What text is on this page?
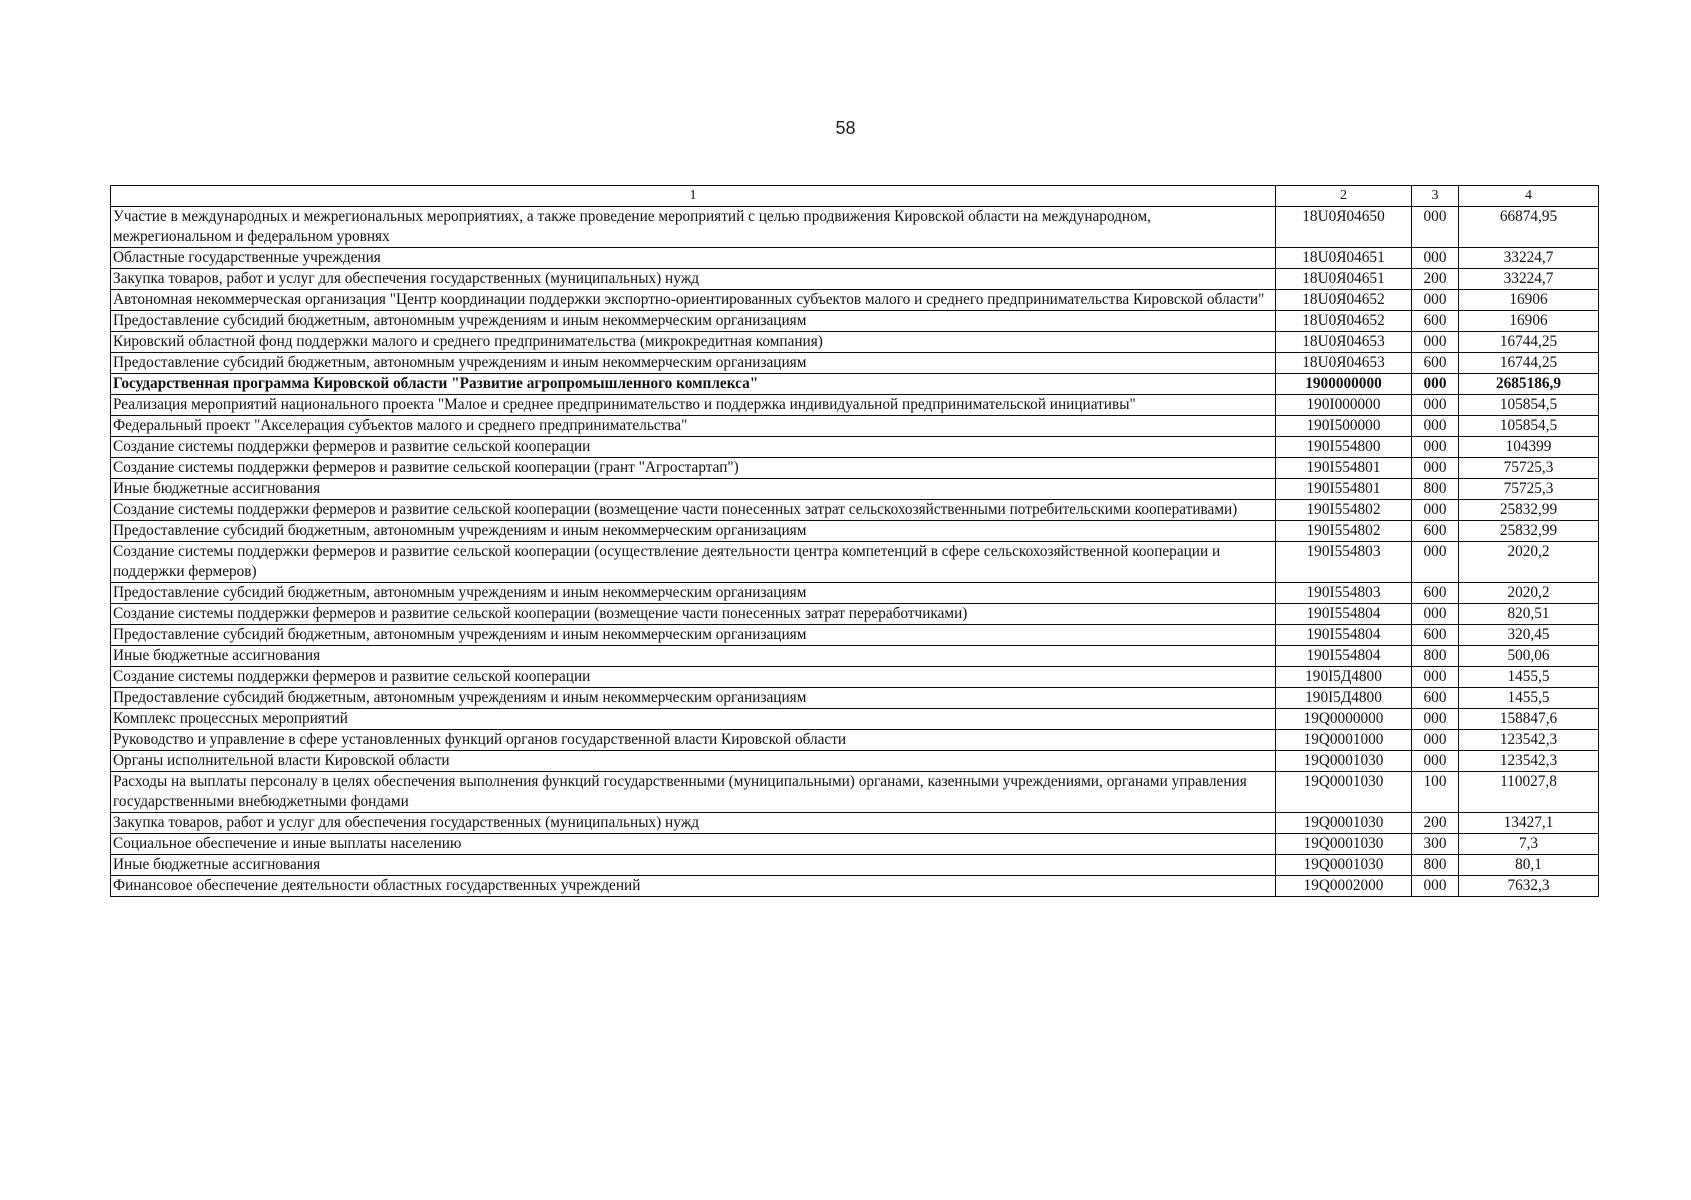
58
1	2	3	4
Участие в международных и межрегиональных мероприятиях, а также проведение мероприятий с целью продвижения Кировской области на международном, межрегиональном и федеральном уровнях	18U0Я04650	000	66874,95
Областные государственные учреждения	18U0Я04651	000	33224,7
Закупка товаров, работ и услуг для обеспечения государственных (муниципальных) нужд	18U0Я04651	200	33224,7
Автономная некоммерческая организация "Центр координации поддержки экспортно-ориентированных субъектов малого и среднего предпринимательства Кировской области"	18U0Я04652	000	16906
Предоставление субсидий бюджетным, автономным учреждениям и иным некоммерческим организациям	18U0Я04652	600	16906
Кировский областной фонд поддержки малого и среднего предпринимательства (микрокредитная компания)	18U0Я04653	000	16744,25
Предоставление субсидий бюджетным, автономным учреждениям и иным некоммерческим организациям	18U0Я04653	600	16744,25
Государственная программа Кировской области "Развитие агропромышленного комплекса"	1900000000	000	2685186,9
Реализация мероприятий национального проекта "Малое и среднее предпринимательство и поддержка индивидуальной предпринимательской инициативы"	190I000000	000	105854,5
Федеральный проект "Акселерация субъектов малого и среднего предпринимательства"	190I500000	000	105854,5
Создание системы поддержки фермеров и развитие сельской кооперации	190I554800	000	104399
Создание системы поддержки фермеров и развитие сельской кооперации (грант "Агростартап")	190I554801	000	75725,3
Иные бюджетные ассигнования	190I554801	800	75725,3
Создание системы поддержки фермеров и развитие сельской кооперации (возмещение части понесенных затрат сельскохозяйственными потребительскими кооперативами)	190I554802	000	25832,99
Предоставление субсидий бюджетным, автономным учреждениям и иным некоммерческим организациям	190I554802	600	25832,99
Создание системы поддержки фермеров и развитие сельской кооперации (осуществление деятельности центра компетенций в сфере сельскохозяйственной кооперации и поддержки фермеров)	190I554803	000	2020,2
Предоставление субсидий бюджетным, автономным учреждениям и иным некоммерческим организациям	190I554803	600	2020,2
Создание системы поддержки фермеров и развитие сельской кооперации (возмещение части понесенных затрат переработчиками)	190I554804	000	820,51
Предоставление субсидий бюджетным, автономным учреждениям и иным некоммерческим организациям	190I554804	600	320,45
Иные бюджетные ассигнования	190I554804	800	500,06
Создание системы поддержки фермеров и развитие сельской кооперации	190I5Д4800	000	1455,5
Предоставление субсидий бюджетным, автономным учреждениям и иным некоммерческим организациям	190I5Д4800	600	1455,5
Комплекс процессных мероприятий	19Q0000000	000	158847,6
Руководство и управление в сфере установленных функций органов государственной власти Кировской области	19Q0001000	000	123542,3
Органы исполнительной власти Кировской области	19Q0001030	000	123542,3
Расходы на выплаты персоналу в целях обеспечения выполнения функций государственными (муниципальными) органами, казенными учреждениями, органами управления государственными внебюджетными фондами	19Q0001030	100	110027,8
Закупка товаров, работ и услуг для обеспечения государственных (муниципальных) нужд	19Q0001030	200	13427,1
Социальное обеспечение и иные выплаты населению	19Q0001030	300	7,3
Иные бюджетные ассигнования	19Q0001030	800	80,1
Финансовое обеспечение деятельности областных государственных учреждений	19Q0002000	000	7632,3
